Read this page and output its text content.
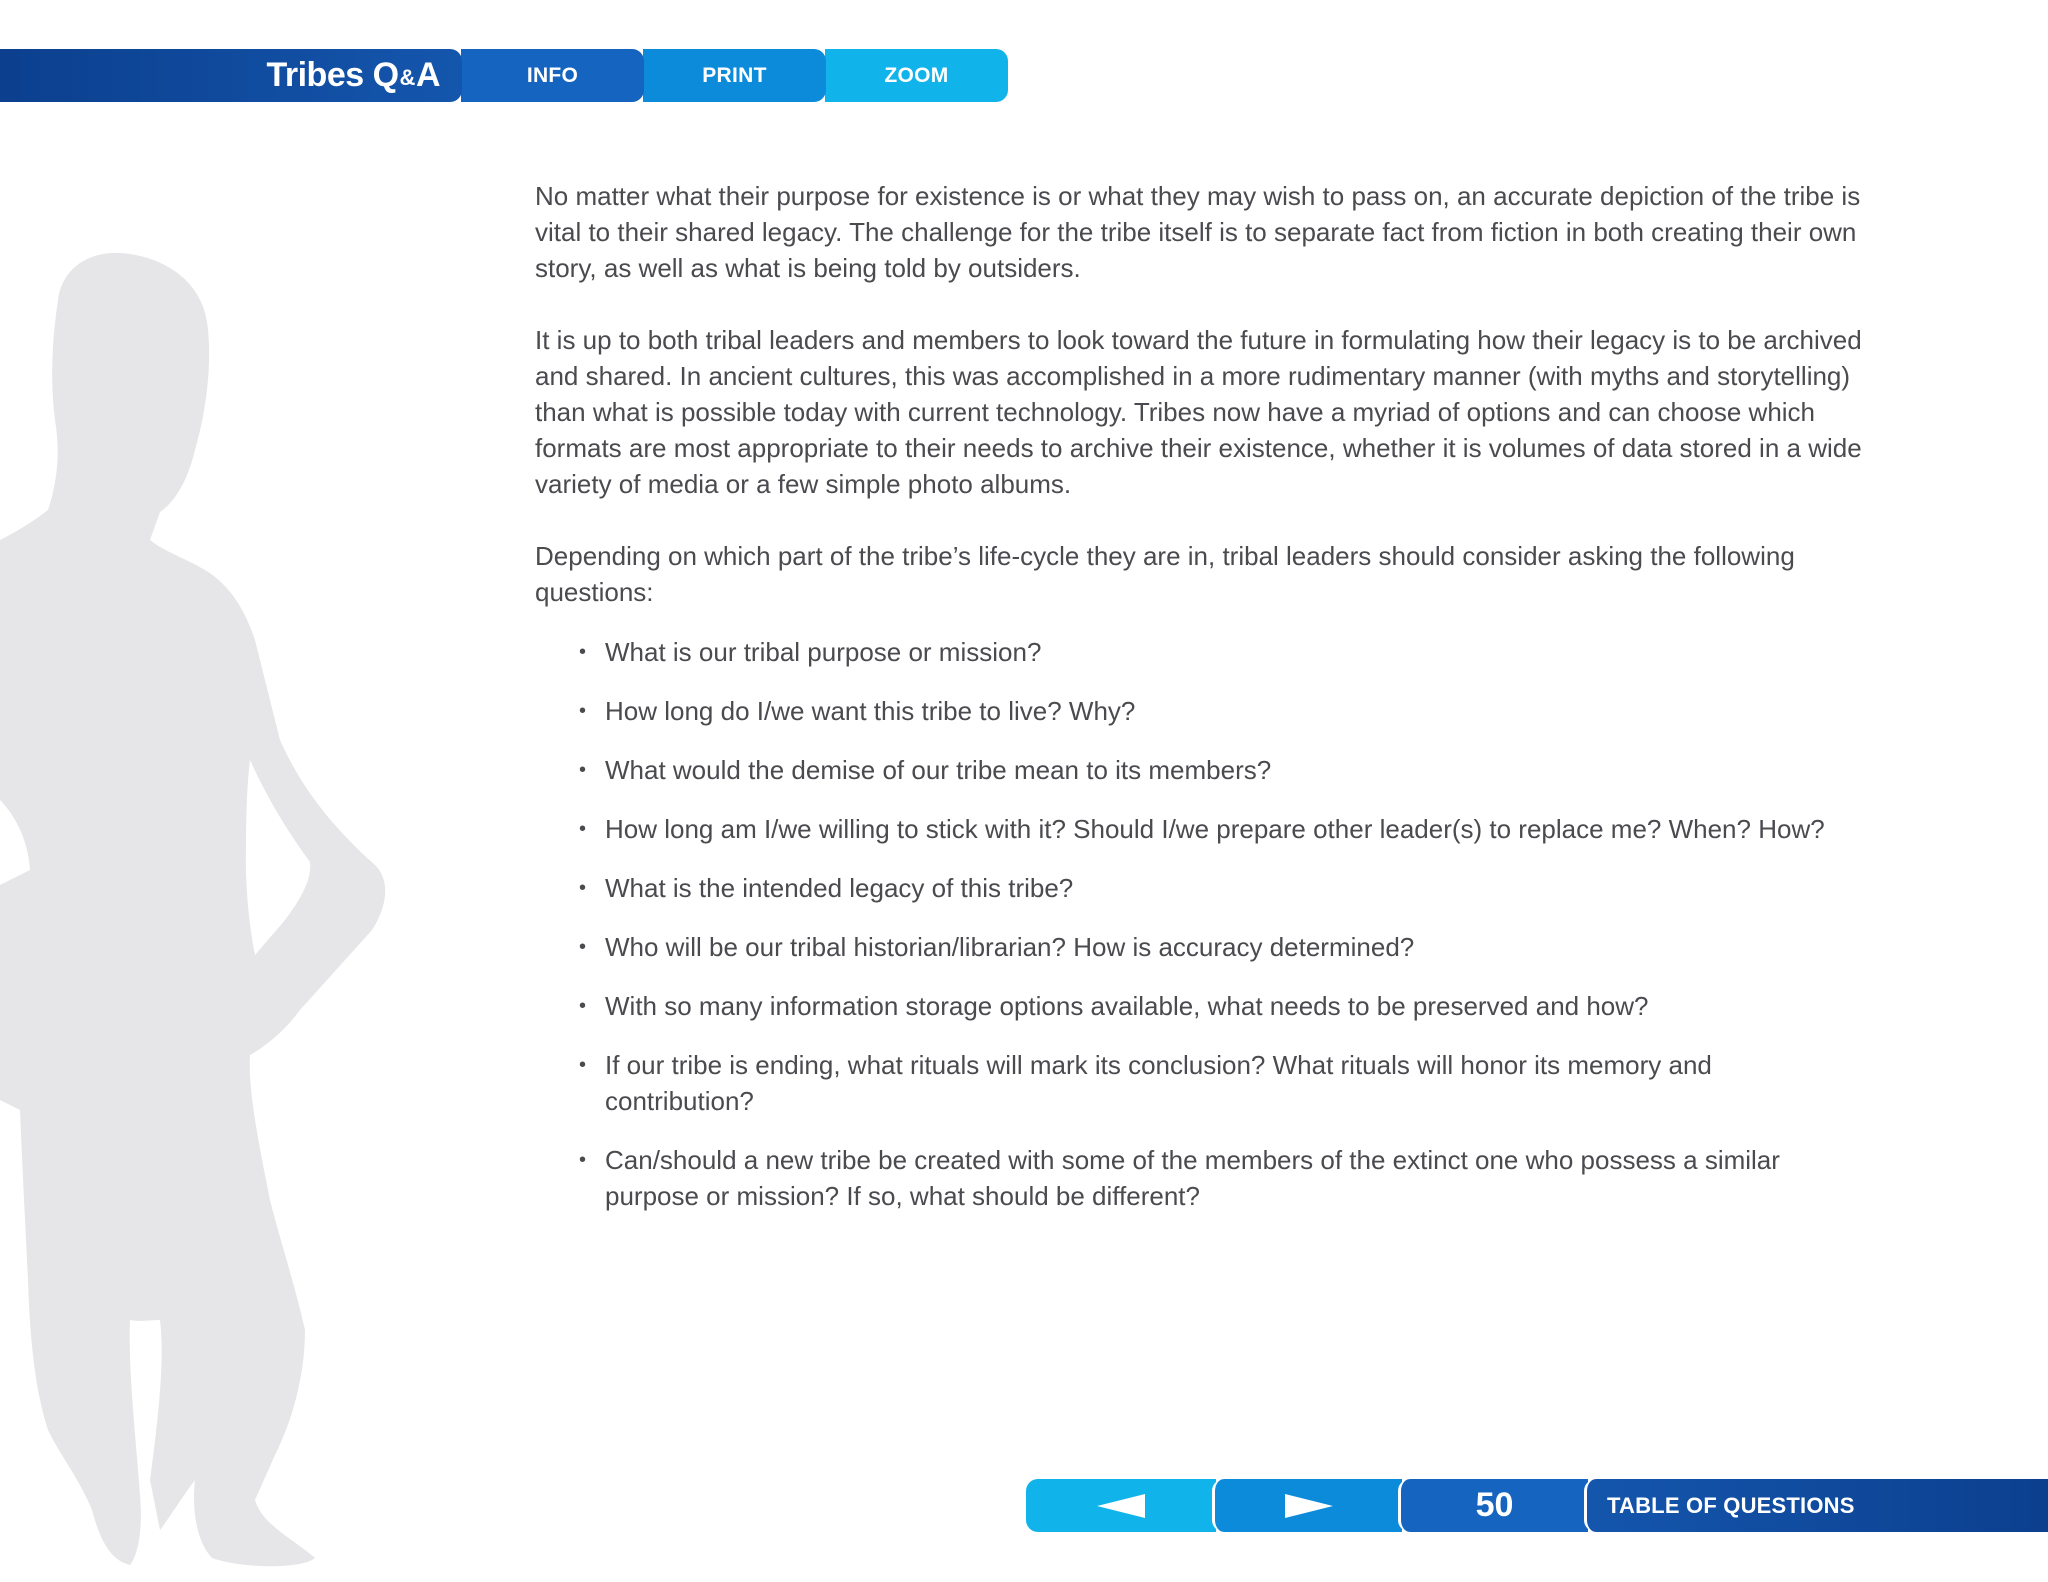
Tribes Q & A	INFO	PRINT	ZOOM

No matter what their purpose for existence is or what they may wish to pass on, an accurate depiction of the tribe is vital to their shared legacy. The challenge for the tribe itself is to separate fact from fiction in both creating their own story, as well as what is being told by outsiders.

It is up to both tribal leaders and members to look toward the future in formulating how their legacy is to be archived and shared. In ancient cultures, this was accomplished in a more rudimentary manner (with myths and storytelling) than what is possible today with current technology. Tribes now have a myriad of options and can choose which formats are most appropriate to their needs to archive their existence, whether it is volumes of data stored in a wide variety of media or a few simple photo albums.

Depending on which part of the tribe’s life-cycle they are in, tribal leaders should consider asking the following questions:

• What is our tribal purpose or mission?
• How long do I/we want this tribe to live? Why?
• What would the demise of our tribe mean to its members?
• How long am I/we willing to stick with it? Should I/we prepare other leader(s) to replace me? When? How?
• What is the intended legacy of this tribe?
• Who will be our tribal historian/librarian? How is accuracy determined?
• With so many information storage options available, what needs to be preserved and how?
• If our tribe is ending, what rituals will mark its conclusion? What rituals will honor its memory and contribution?
• Can/should a new tribe be created with some of the members of the extinct one who possess a similar purpose or mission? If so, what should be different?
50	TABLE OF QUESTIONS
